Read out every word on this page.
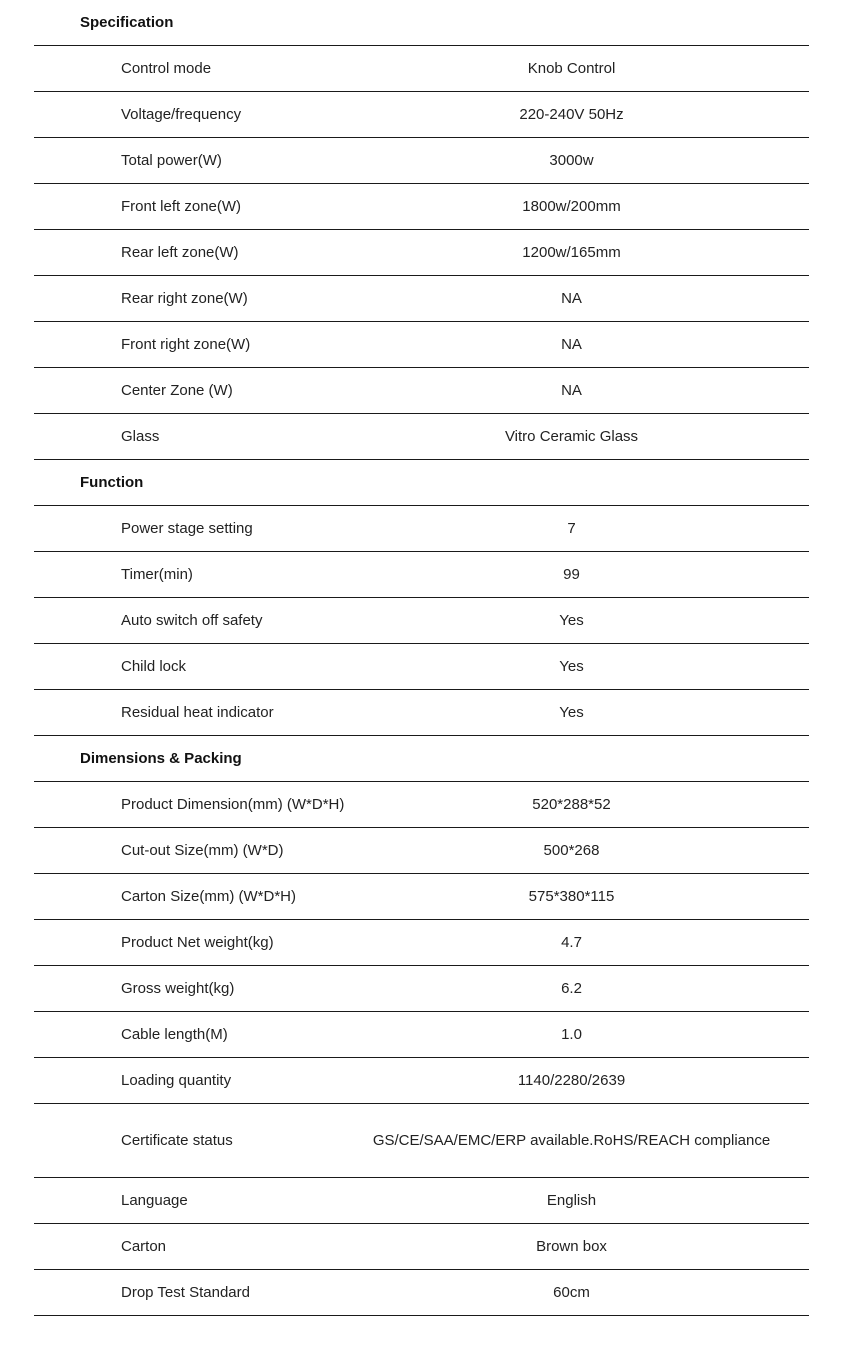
Specification
Control mode	Knob Control
Voltage/frequency	220-240V 50Hz
Total power(W)	3000w
Front left zone(W)	1800w/200mm
Rear left zone(W)	1200w/165mm
Rear right zone(W)	NA
Front right zone(W)	NA
Center Zone (W)	NA
Glass	Vitro Ceramic Glass
Function
Power stage setting	7
Timer(min)	99
Auto switch off safety	Yes
Child lock	Yes
Residual heat indicator	Yes
Dimensions & Packing
Product Dimension(mm) (W*D*H)	520*288*52
Cut-out Size(mm) (W*D)	500*268
Carton Size(mm) (W*D*H)	575*380*115
Product Net weight(kg)	4.7
Gross weight(kg)	6.2
Cable length(M)	1.0
Loading quantity	1140/2280/2639
Certificate status	GS/CE/SAA/EMC/ERP available.RoHS/REACH compliance
Language	English
Carton	Brown box
Drop Test Standard	60cm
